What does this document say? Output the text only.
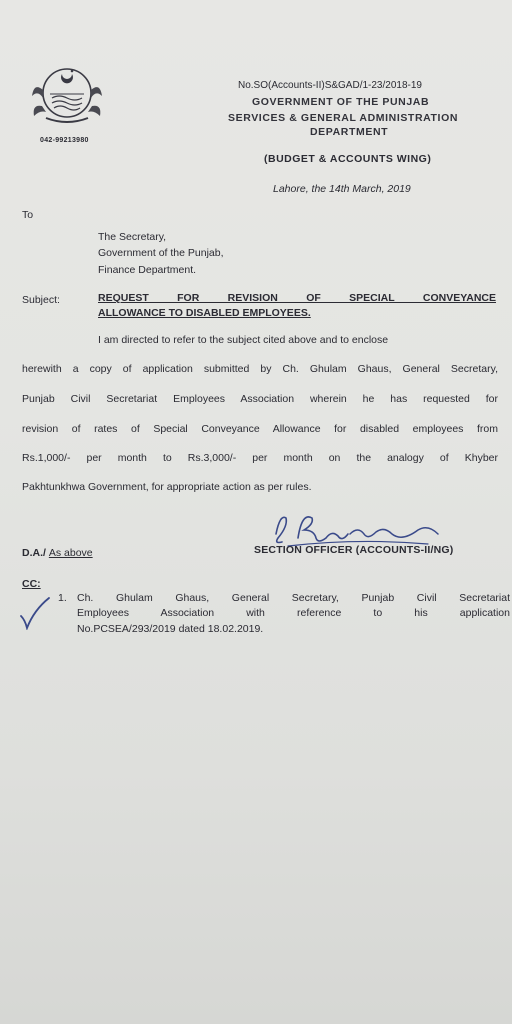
042-99213980
No.SO(Accounts-II)S&GAD/1-23/2018-19
GOVERNMENT OF THE PUNJAB
SERVICES & GENERAL ADMINISTRATION
DEPARTMENT
(BUDGET & ACCOUNTS WING)
Lahore, the 14th March, 2019
To
The Secretary,
Government of the Punjab,
Finance Department.
Subject:	REQUEST FOR REVISION OF SPECIAL CONVEYANCE
ALLOWANCE TO DISABLED EMPLOYEES.
I am directed to refer to the subject cited above and to enclose
herewith a copy of application submitted by Ch. Ghulam Ghaus, General Secretary,
Punjab Civil Secretariat Employees Association wherein he has requested for
revision of rates of Special Conveyance Allowance for disabled employees from
Rs.1,000/- per month to Rs.3,000/- per month on the analogy of Khyber
Pakhtunkhwa Government, for appropriate action as per rules.
SECTION OFFICER (ACCOUNTS-II/NG)
D.A./ As above
CC:
1. Ch. Ghulam Ghaus, General Secretary, Punjab Civil Secretariat
Employees Association with reference to his application
No.PCSEA/293/2019 dated 18.02.2019.
